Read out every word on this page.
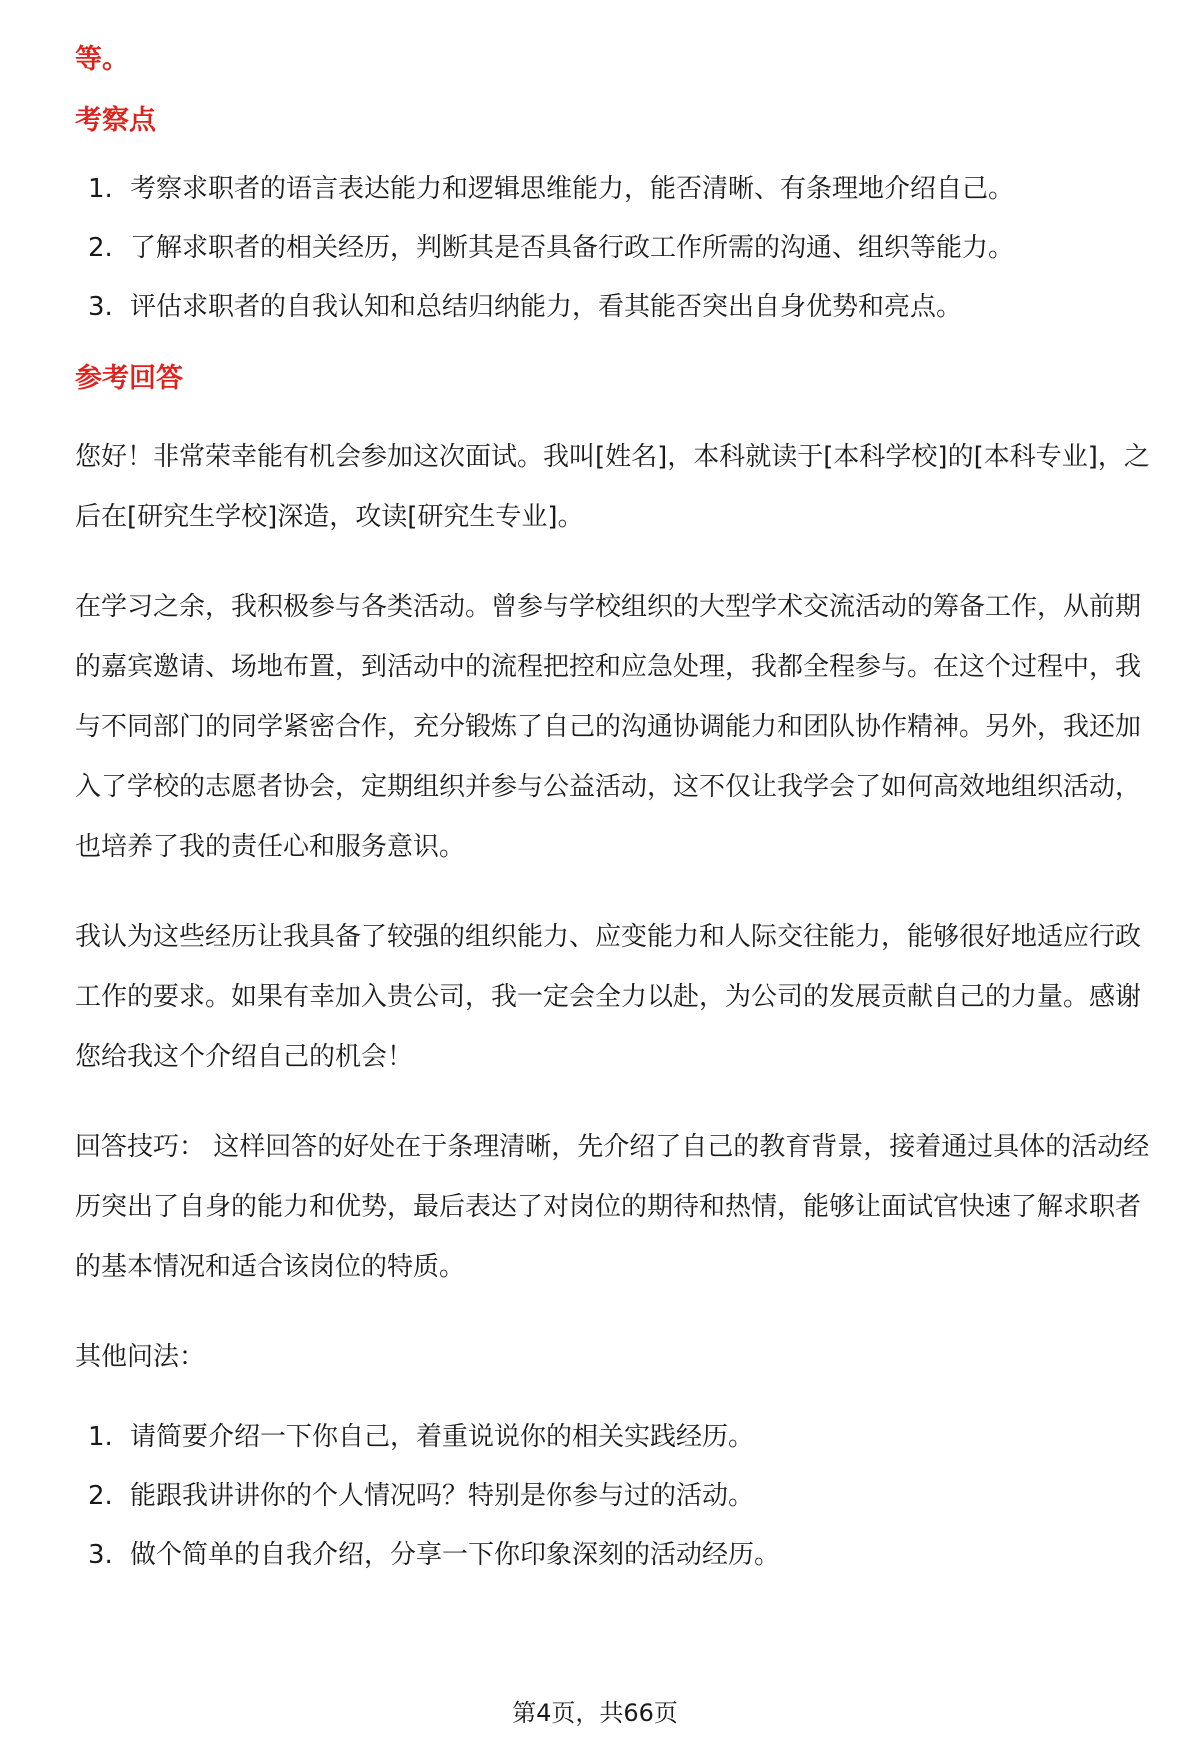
等。
考察点
1. 考察求职者的语言表达能力和逻辑思维能力，能否清晰、有条理地介绍自己。
2. 了解求职者的相关经历，判断其是否具备行政工作所需的沟通、组织等能力。
3. 评估求职者的自我认知和总结归纳能力，看其能否突出自身优势和亮点。
参考回答

您好！非常荣幸能有机会参加这次面试。我叫[姓名]，本科就读于[本科学校]的[本科专业]，之后在[研究生学校]深造，攻读[研究生专业]。

在学习之余，我积极参与各类活动。曾参与学校组织的大型学术交流活动的筹备工作，从前期的嘉宾邀请、场地布置，到活动中的流程把控和应急处理，我都全程参与。在这个过程中，我与不同部门的同学紧密合作，充分锻炼了自己的沟通协调能力和团队协作精神。另外，我还加入了学校的志愿者协会，定期组织并参与公益活动，这不仅让我学会了如何高效地组织活动，也培养了我的责任心和服务意识。

我认为这些经历让我具备了较强的组织能力、应变能力和人际交往能力，能够很好地适应行政工作的要求。如果有幸加入贵公司，我一定会全力以赴，为公司的发展贡献自己的力量。感谢您给我这个介绍自己的机会！

回答技巧： 这样回答的好处在于条理清晰，先介绍了自己的教育背景，接着通过具体的活动经历突出了自身的能力和优势，最后表达了对岗位的期待和热情，能够让面试官快速了解求职者的基本情况和适合该岗位的特质。

其他问法：

1. 请简要介绍一下你自己，着重说说你的相关实践经历。
2. 能跟我讲讲你的个人情况吗？特别是你参与过的活动。
3. 做个简单的自我介绍，分享一下你印象深刻的活动经历。
第4页，共66页
